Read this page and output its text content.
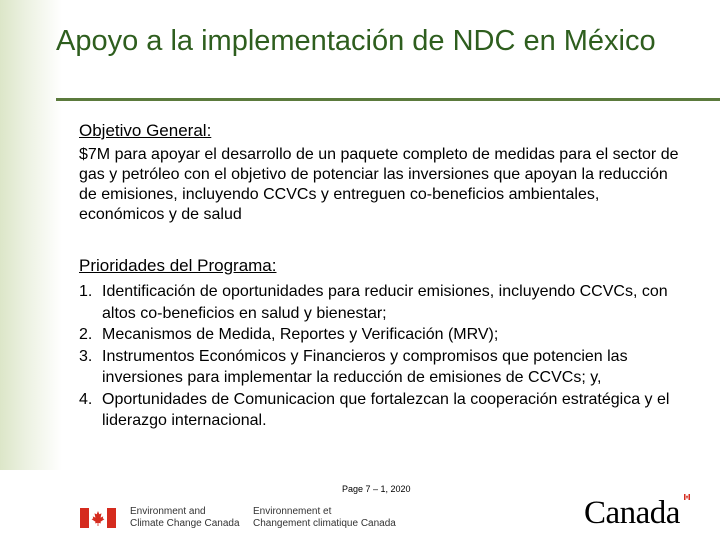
Apoyo a la implementación de NDC en México
Objetivo General:
$7M para apoyar el desarrollo de un paquete completo de medidas para el sector de gas y petróleo con el objetivo de potenciar las inversiones que apoyan la reducción de emisiones, incluyendo CCVCs y entreguen co-beneficios ambientales, económicos y de salud
Prioridades del Programa:
1. Identificación de oportunidades para reducir emisiones, incluyendo CCVCs, con altos co-beneficios en salud y bienestar;
2. Mecanismos de Medida, Reportes y Verificación (MRV);
3. Instrumentos Económicos y Financieros y compromisos que potencien las inversiones para implementar la reducción de emisiones de CCVCs; y,
4. Oportunidades de Comunicacion que fortalezcan la cooperación estratégica y el liderazgo internacional.
Page 7 – 1, 2020
Environment and
Climate Change Canada
Environnement et
Changement climatique Canada	Canada
